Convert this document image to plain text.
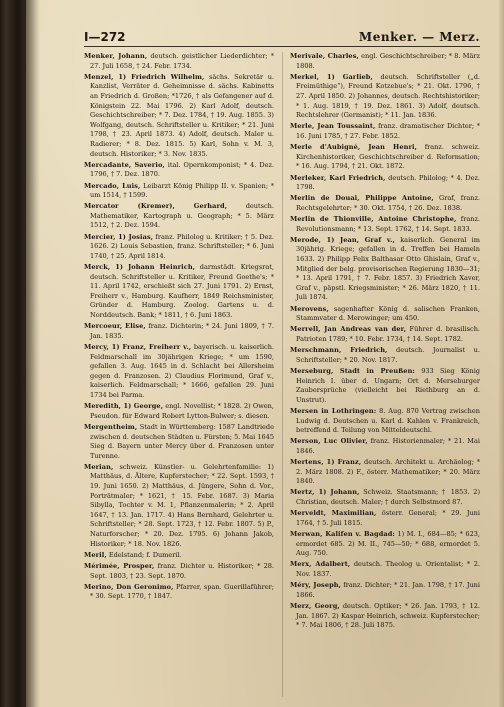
I—272	Menker. — Merz.

Menker, Johann, deutsch. geistlicher Liederdichter; * 27. Juli 1658, † 24. Febr. 1734.

Menzel, 1) Friedrich Wilhelm, sächs. Sekretär u. Kanzlist, Verräter d. Geheimnisse d. sächs. Kabinetts an Friedrich d. Großen; *1726, † als Gefangener auf d. Königstein 22. Mai 1796. 2) Karl Adolf, deutsch. Geschichtschreiber; * 7. Dez. 1784, † 19. Aug. 1855. 3) Wolfgang, deutsch. Schriftsteller u. Kritiker; * 21. Juni 1798, † 23. April 1873. 4) Adolf, deutsch. Maler u. Radierer; * 8. Dez. 1815. 5) Karl, Sohn v. M. 3, deutsch. Historiker; * 3. Nov. 1835.

Mercadante, Saverio, ital. Opernkomponist; * 4. Dez. 1796, † 7. Dez. 1870.

Mercado, Luis, Leibarzt König Philipp II. v. Spanien; * um 1514, † 1599.

Mercator (Kremer), Gerhard,	deutsch. Mathematiker, Kartograph u. Geograph; * 5. März 1512, † 2. Dez. 1594.

Mercier, 1) Josias, franz. Philolog u. Kritiker; † 5. Dez. 1626. 2) Louis Sebastien, franz. Schriftsteller; * 6. Juni 1740, † 25. April 1814.

Merck, 1) Johann Heinrich, darmstädt. Kriegsrat, deutsch. Schriftsteller u. Kritiker, Freund Goethe's; * 11. April 1742, erschießt sich 27. Juni 1791. 2) Ernst, Freiherr v., Hamburg. Kaufherr, 1849 Reichsminister, Gründer d. Hamburg. Zoolog. Gartens u. d. Norddeutsch. Bank; * 1811, † 6. Juni 1863.

Mercoeur, Elise, franz. Dichterin; * 24. Juni 1809, † 7. Jan. 1835.

Mercy, 1) Franz, Freiherr v., bayerisch. u. kaiserlich. Feldmarschall im 30jährigen Kriege; * um 1590, gefallen 3. Aug. 1645 in d. Schlacht bei Allersheim gegen d. Franzosen. 2) Claudius Florimund, Graf v., kaiserlich. Feldmarschall; * 1666, gefallen 29. Juni 1734 bei Parma.

Meredith, 1) George, engl. Novellist; * 1828. 2) Owen, Pseudon. für Edward Robert Lytton-Bulwer; s. diesen.

Mergentheim, Stadt in Württemberg: 1587 Landtriede zwischen d. deutschen Städten u. Fürsten; 5. Mai 1645 Sieg d. Bayern unter Mercy über d. Franzosen unter Turenne.

Merian, schweiz. Künstler- u. Gelehrtenfamilie: 1) Matthäus, d. Ältere, Kupferstecher; * 22. Sept. 1593, † 19. Juni 1650. 2) Matthäus, d. Jüngere, Sohn d. Vor., Porträtmaler; * 1621, † 15. Febr. 1687. 3) Maria Sibylla, Tochter v. M. 1, Pflanzenmalerin; * 2. April 1647, † 13. Jan. 1717. 4) Hans Bernhard, Gelehrter u. Schriftsteller; * 28. Sept. 1723, † 12. Febr. 1807. 5) P., Naturforscher; * 20. Dez. 1795. 6) Johann Jakob, Historiker; * 18. Nov. 1826.

Meril, Edelstand; f. Dumeril.

Mérimée, Prosper, franz. Dichter u. Historiker; * 28. Sept. 1803, † 23. Sept. 1870.

Merino, Don Geronimo, Pfarrer, span. Guerillaführer; * 30. Sept. 1770, † 1847.

Merivale, Charles, engl. Geschichtschreiber; * 8. März 1808.

Merkel, 1) Garlieb, deutsch. Schriftsteller („d. Freimüthige“), Freund Kotzebue's; * 21. Okt. 1796, † 27. April 1850. 2) Johannes, deutsch. Rechtshistoriker; * 1. Aug. 1819, † 19. Dez. 1861. 3) Adolf, deutsch. Rechtslehrer (Germanist); * 11. Jan. 1836.

Merle, Jean Toussaint, franz. dramatischer Dichter; * 16. Juni 1785, † 27. Febr. 1852.

Merle d'Aubigné, Jean Henri, franz. schweiz. Kirchenhistoriker, Geschichtschreiber d. Reformation; * 16. Aug. 1794, † 21. Okt. 1872.

Merleker, Karl Friedrich, deutsch. Philolog; * 4. Dez. 1798.

Merlin de Douai, Philippe Antoine, Graf, franz. Rechtsgelehrter; * 30. Okt. 1754, † 26. Dez. 1838.

Merlin de Thionville, Antoine Christophe, franz. Revolutionsmann; * 13. Sept. 1762, † 14. Sept. 1833.

Merode, 1) Jean, Graf v., kaiserlich. General im 30jährig. Kriege; gefallen in d. Treffen bei Hameln 1633. 2) Philipp Felix Balthasar Otto Ghislain, Graf v., Mitglied der belg. provisorischen Regierung 1830—31; * 13. April 1791, † 7. Febr. 1857. 3) Friedrich Xaver, Graf v., päpstl. Kriegsminister; * 26. März 1820, † 11. Juli 1874.

Merovens, sagenhafter König d. salischen Franken, Stammvater d. Merowinger; um 450.

Merrell, Jan Andreas van der, Führer d. brasilisch. Patrioten 1789; * 10. Febr. 1734, † 14. Sept. 1782.

Merschmann, Friedrich, deutsch. Journalist u. Schriftsteller; * 20. Nov. 1817.

Merseburg, Stadt in Preußen: 933 Sieg König Heinrich I. über d. Ungarn; Ort d. Merseburger Zaubersprüche (vielleicht bei Riethburg an d. Unstrut).

Mersen in Lothringen: 8. Aug. 870 Vertrag zwischen Ludwig d. Deutschen u. Karl d. Kahlen v. Frankreich, betreffend d. Teilung von Mitteldeutschl.

Merson, Luc Olivier, franz. Historienmaler; * 21. Mai 1846.

Mertens, 1) Franz, deutsch. Architekt u. Archäolog; * 2. März 1808. 2) F., österr. Mathematiker; * 20. März 1840.

Mertz, 1) Johann, Schweiz. Staatsmann; † 1853. 2) Christian, deutsch. Maler; † durch Selbstmord 87.

Merveldt, Maximilian, österr. General; * 29. Juni 1764, † 5. Juli 1815.

Merwan, Kalifen v. Bagdad: 1) M. I., 684—85; * 623, ermordet 685. 2) M. II., 745—50; * 688, ermordet 5. Aug. 750.

Merx, Adalbert, deutsch. Theolog u. Orientalist; * 2. Nov. 1837.

Méry, Joseph, franz. Dichter; * 21. Jan. 1798, † 17. Juni 1866.

Merz, Georg, deutsch. Optiker; * 26. Jan. 1793, † 12. Jan. 1867. 2) Kaspar Heinrich, schweiz. Kupferstecher; * 7. Mai 1806, † 28. Juli 1875.
